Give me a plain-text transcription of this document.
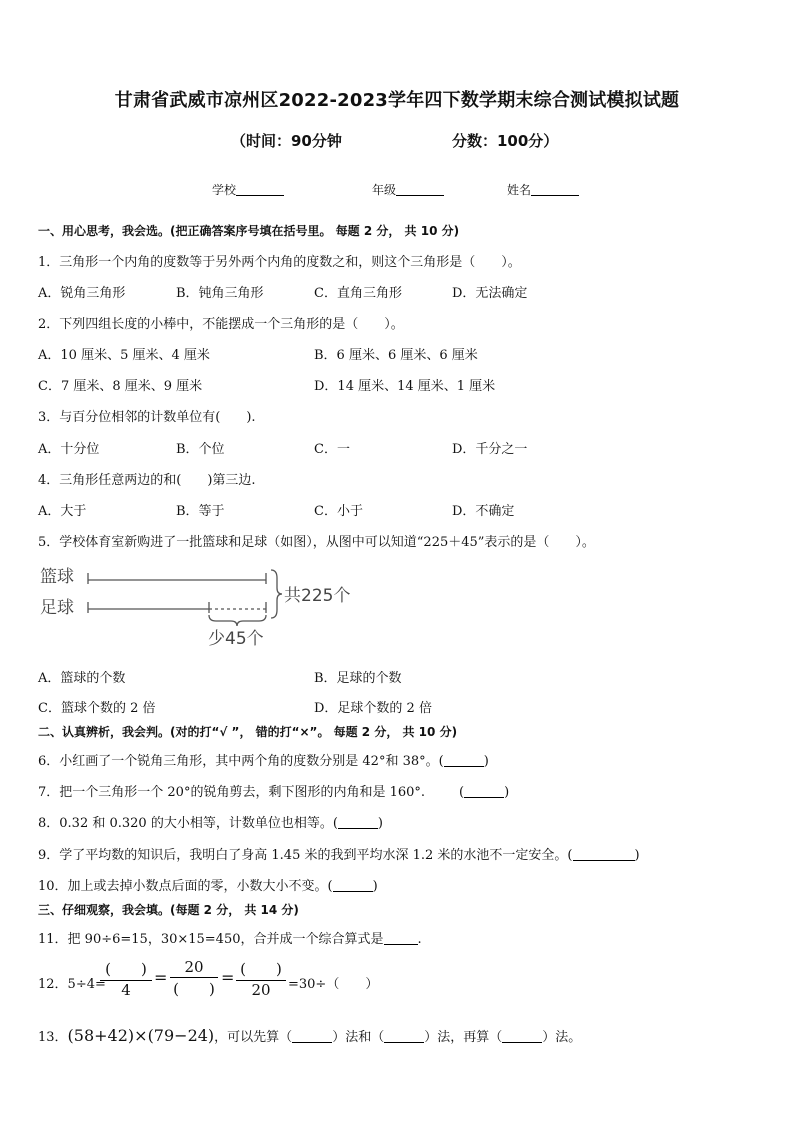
甘肃省武威市凉州区2022-2023学年四下数学期末综合测试模拟试题
（时间：90分钟	分数：100分）
学校	年级	姓名
一、用心思考，我会选。(把正确答案序号填在括号里。 每题 2 分， 共 10 分)
1．三角形一个内角的度数等于另外两个内角的度数之和，则这个三角形是（　　）。
A．锐角三角形	B．钝角三角形	C．直角三角形	D．无法确定
2．下列四组长度的小棒中，不能摆成一个三角形的是（　　）。
A．10 厘米、5 厘米、4 厘米	B．6 厘米、6 厘米、6 厘米
C．7 厘米、8 厘米、9 厘米	D．14 厘米、14 厘米、1 厘米
3．与百分位相邻的计数单位有(　　).
A．十分位	B．个位	C．一	D．千分之一
4．三角形任意两边的和(　　)第三边.
A．大于	B．等于	C．小于	D．不确定
5．学校体育室新购进了一批篮球和足球（如图），从图中可以知道“225＋45”表示的是（　　）。
篮球
足球
共225个
少45个
A．篮球的个数	B．足球的个数
C．篮球个数的 2 倍	D．足球个数的 2 倍
二、认真辨析，我会判。(对的打“√ ”， 错的打“×”。 每题 2 分， 共 10 分)
6．小红画了一个锐角三角形，其中两个角的度数分别是 42°和 38°。(	)
7．把一个三角形一个 20°的锐角剪去，剩下图形的内角和是 160°.	(	)
8．0.32 和 0.320 的大小相等，计数单位也相等。(	)
9．学了平均数的知识后，我明白了身高 1.45 米的我到平均水深 1.2 米的水池不一定安全。(	)
10．加上或去掉小数点后面的零，小数大小不变。(	)
三、仔细观察，我会填。(每题 2 分， 共 14 分)
11．把 90÷6=15，30×15=450，合并成一个综合算式是	.
12．5÷4=
(　　)
4
=
20
(　　)
= (　　)
20	=30÷（　　）
13．(58+42)×(79−24)，可以先算（	）法和（	）法，再算（	）法。
